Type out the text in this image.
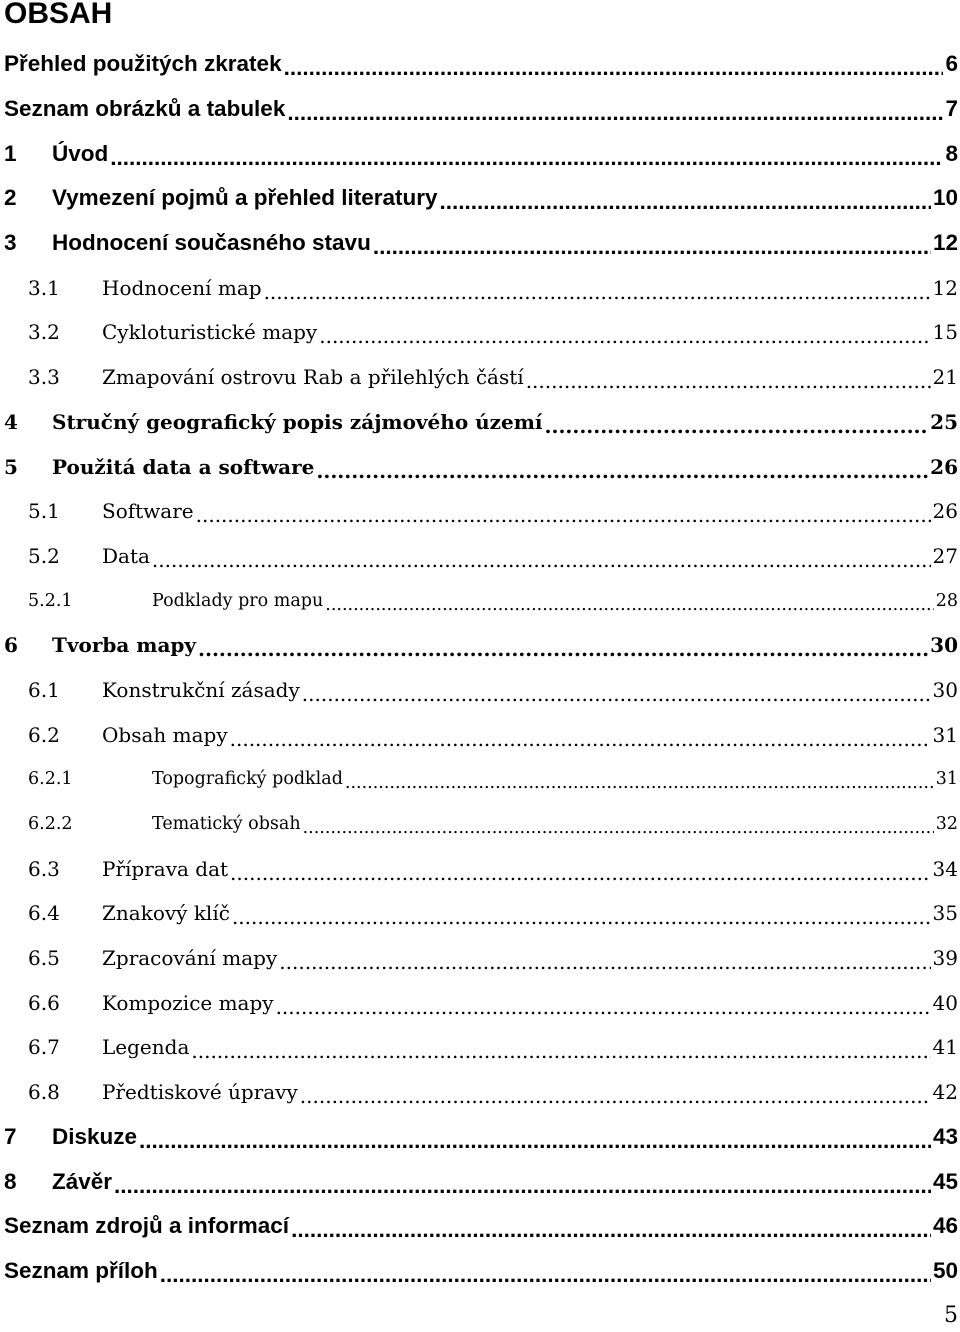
OBSAH
Přehled použitých zkratek .....	6
Seznam obrázků a tabulek .....	7
1	Úvod .....	8
2	Vymezení pojmů a přehled literatury .....	10
3	Hodnocení současného stavu .....	12
3.1	Hodnocení map .....	12
3.2	Cykloturistické mapy .....	15
3.3	Zmapování ostrovu Rab a přilehlých částí .....	21
4	Stručný geografický popis zájmového území .....	25
5	Použitá data a software .....	26
5.1	Software .....	26
5.2	Data .....	27
5.2.1	Podklady pro mapu .....	28
6	Tvorba mapy .....	30
6.1	Konstrukční zásady .....	30
6.2	Obsah mapy .....	31
6.2.1	Topografický podklad .....	31
6.2.2	Tematický obsah .....	32
6.3	Příprava dat .....	34
6.4	Znakový klíč .....	35
6.5	Zpracování mapy .....	39
6.6	Kompozice mapy .....	40
6.7	Legenda .....	41
6.8	Předtiskové úpravy .....	42
7	Diskuze .....	43
8	Závěr .....	45
Seznam zdrojů a informací .....	46
Seznam příloh .....	50
5
